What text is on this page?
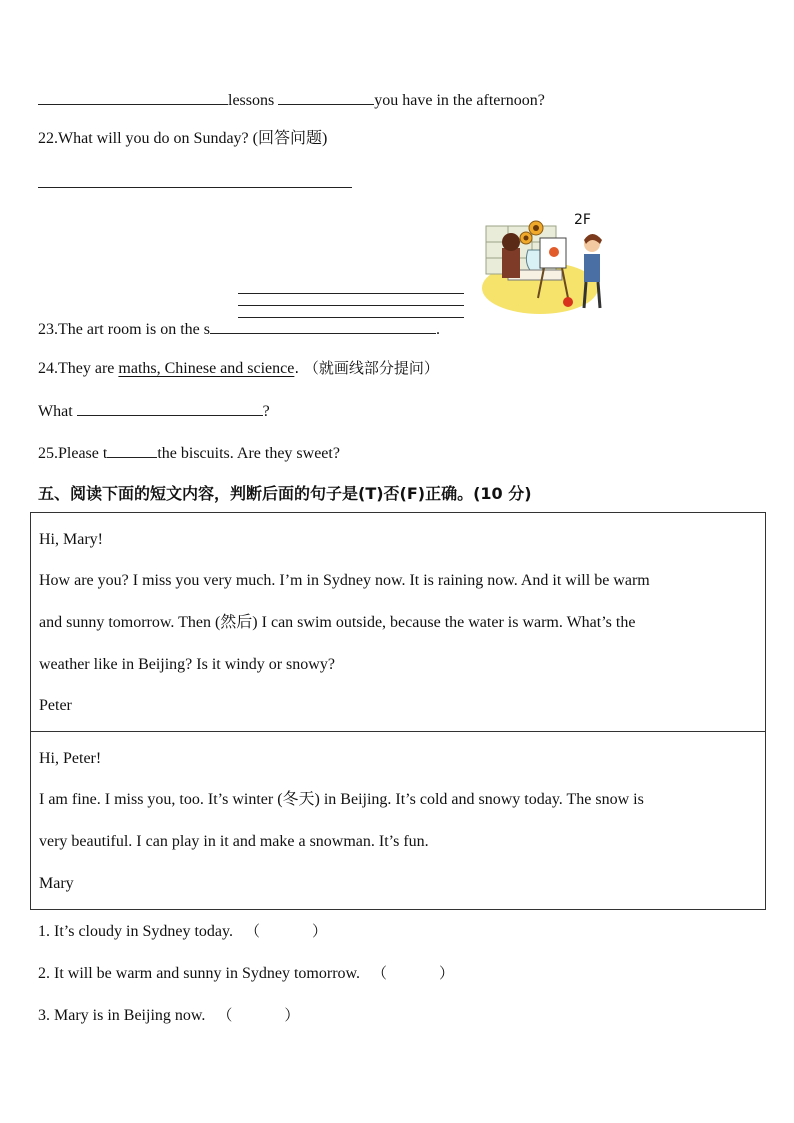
lessons	you have in the afternoon?
22.What will you do on Sunday? (回答问题)
2F
23.The art room is on the s	.
24.They are maths, Chinese and science. （就画线部分提问）
What	?
25.Please t	the biscuits. Are they sweet?
五、阅读下面的短文内容，判断后面的句子是(T)否(F)正确。(10 分)
Hi, Mary!
How are you? I miss you very much. I’m in Sydney now. It is raining now. And it will be warm
and sunny tomorrow. Then (然后) I can swim outside, because the water is warm. What’s the
weather like in Beijing? Is it windy or snowy?
Peter
Hi, Peter!
I am fine. I miss you, too. It’s winter (冬天) in Beijing. It’s cold and snowy today. The snow is
very beautiful. I can play in it and make a snowman. It’s fun.
Mary
1. It’s cloudy in Sydney today. （	）
2. It will be warm and sunny in Sydney tomorrow. （	）
3. Mary is in Beijing now. （	）
